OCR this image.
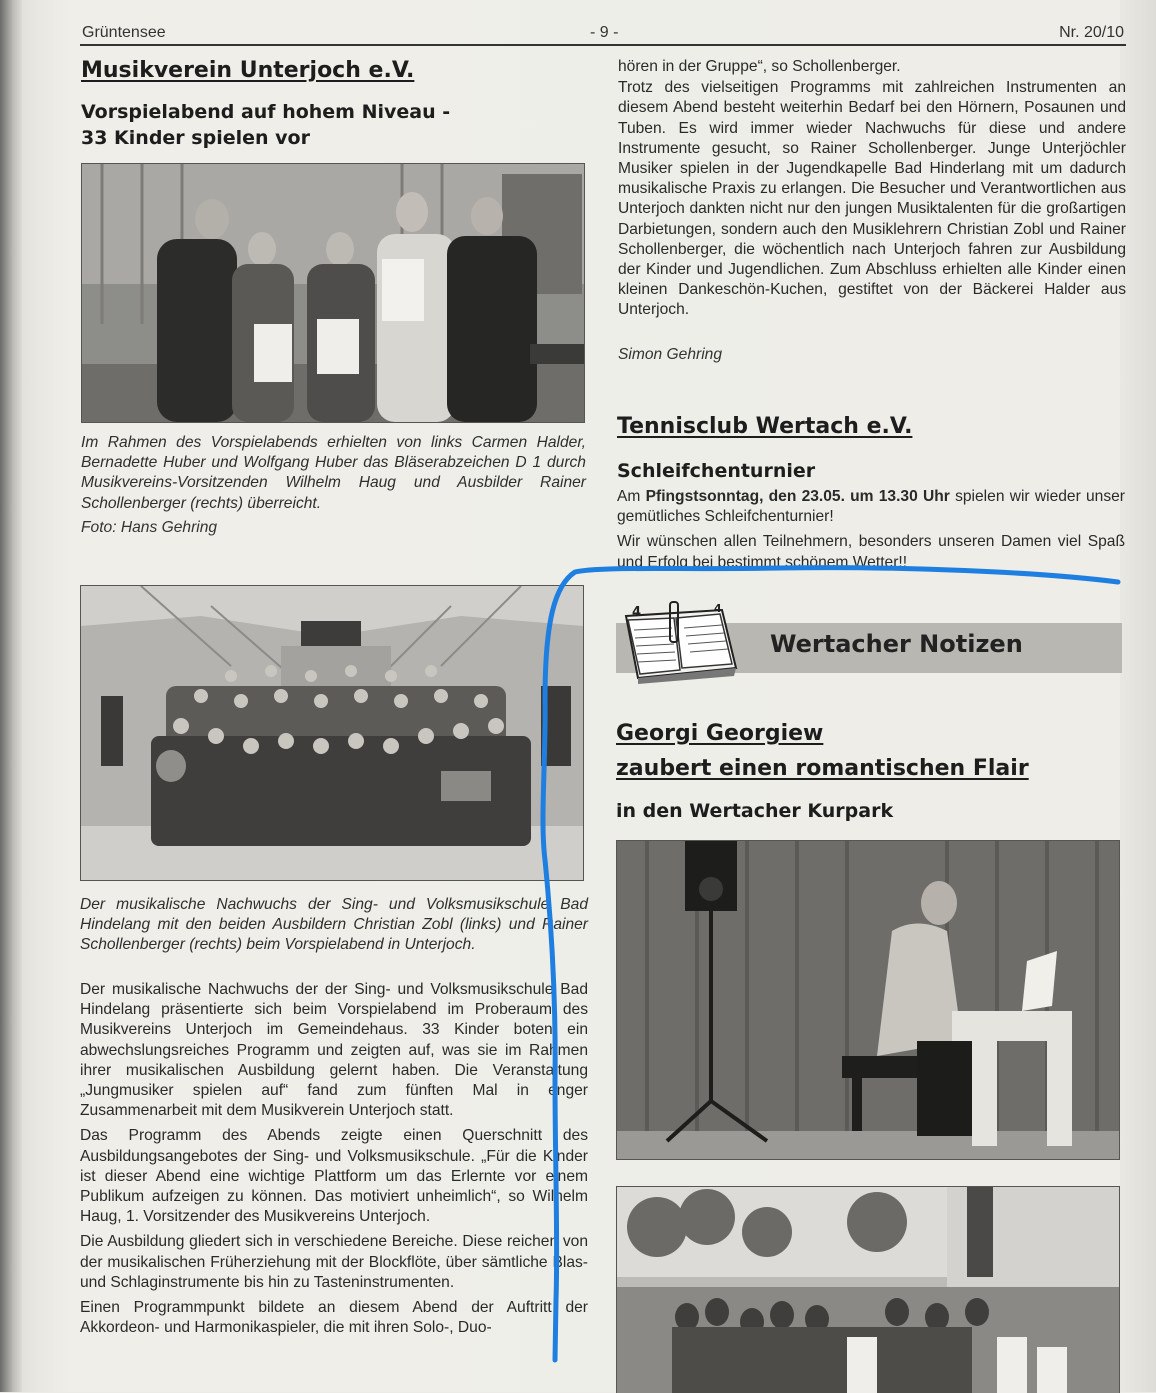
Grüntensee	- 9 -	Nr. 20/10
Musikverein Unterjoch e.V.
Vorspielabend auf hohem Niveau -
33 Kinder spielen vor
Im Rahmen des Vorspielabends erhielten von links Carmen Halder, Bernadette Huber und Wolfgang Huber das Bläserabzeichen D 1 durch Musikvereins-Vorsitzenden Wilhelm Haug und Ausbilder Rainer Schollenberger (rechts) überreicht.
Foto: Hans Gehring
Der musikalische Nachwuchs der Sing- und Volksmusikschule Bad Hindelang mit den beiden Ausbildern Christian Zobl (links) und Rainer Schollenberger (rechts) beim Vorspielabend in Unterjoch.

Der musikalische Nachwuchs der der Sing- und Volksmusikschule Bad Hindelang präsentierte sich beim Vorspielabend im Proberaum des Musikvereins Unterjoch im Gemeindehaus. 33 Kinder boten ein abwechslungsreiches Programm und zeigten auf, was sie im Rahmen ihrer musikalischen Ausbildung gelernt haben. Die Veranstaltung „Jungmusiker spielen auf“ fand zum fünften Mal in enger Zusammenarbeit mit dem Musikverein Unterjoch statt.

Das Programm des Abends zeigte einen Querschnitt des Ausbildungsangebotes der Sing- und Volksmusikschule. „Für die Kinder ist dieser Abend eine wichtige Plattform um das Erlernte vor einem Publikum aufzeigen zu können. Das motiviert unheimlich“, so Wilhelm Haug, 1. Vorsitzender des Musikvereins Unterjoch.

Die Ausbildung gliedert sich in verschiedene Bereiche. Diese reichen von der musikalischen Früherziehung mit der Blockflöte, über sämtliche Blas- und Schlaginstrumente bis hin zu Tasteninstrumenten.

Einen Programmpunkt bildete an diesem Abend der Auftritt der Akkordeon- und Harmonikaspieler, die mit ihren Solo-, Duo-

hören in der Gruppe“, so Schollenberger.

Trotz des vielseitigen Programms mit zahlreichen Instrumenten an diesem Abend besteht weiterhin Bedarf bei den Hörnern, Posaunen und Tuben. Es wird immer wieder Nachwuchs für diese und andere Instrumente gesucht, so Rainer Schollenberger. Junge Unterjöchler Musiker spielen in der Jugendkapelle Bad Hinderlang mit um dadurch musikalische Praxis zu erlangen. Die Besucher und Verantwortlichen aus Unterjoch dankten nicht nur den jungen Musiktalenten für die großartigen Darbietungen, sondern auch den Musiklehrern Christian Zobl und Rainer Schollenberger, die wöchentlich nach Unterjoch fahren zur Ausbildung der Kinder und Jugendlichen. Zum Abschluss erhielten alle Kinder einen kleinen Dankeschön-Kuchen, gestiftet von der Bäckerei Halder aus Unterjoch.

Simon Gehring
Tennisclub Wertach e.V.
Schleifchenturnier

Am Pfingstsonntag, den 23.05. um 13.30 Uhr spielen wir wieder unser gemütliches Schleifchenturnier!

Wir wünschen allen Teilnehmern, besonders unseren Damen viel Spaß und Erfolg bei bestimmt schönem Wetter!!

4	4
Wertacher Notizen
Georgi Georgiew
zaubert einen romantischen Flair
in den Wertacher Kurpark
